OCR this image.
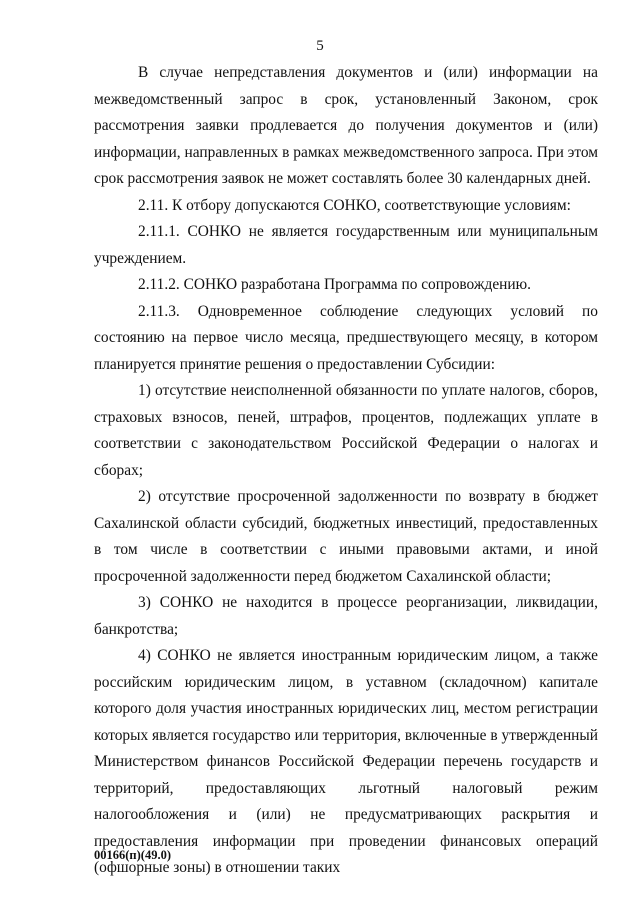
5

В случае непредставления документов и (или) информации на межведомственный запрос в срок, установленный Законом, срок рассмотрения заявки продлевается до получения документов и (или) информации, направленных в рамках межведомственного запроса. При этом срок рассмотрения заявок не может составлять более 30 календарных дней.

2.11. К отбору допускаются СОНКО, соответствующие условиям:

2.11.1. СОНКО не является государственным или муниципальным учреждением.

2.11.2. СОНКО разработана Программа по сопровождению.

2.11.3. Одновременное соблюдение следующих условий по состоянию на первое число месяца, предшествующего месяцу, в котором планируется принятие решения о предоставлении Субсидии:

1) отсутствие неисполненной обязанности по уплате налогов, сборов, страховых взносов, пеней, штрафов, процентов, подлежащих уплате в соответствии с законодательством Российской Федерации о налогах и сборах;

2) отсутствие просроченной задолженности по возврату в бюджет Сахалинской области субсидий, бюджетных инвестиций, предоставленных в том числе в соответствии с иными правовыми актами, и иной просроченной задолженности перед бюджетом Сахалинской области;

3) СОНКО не находится в процессе реорганизации, ликвидации, банкротства;

4) СОНКО не является иностранным юридическим лицом, а также российским юридическим лицом, в уставном (складочном) капитале которого доля участия иностранных юридических лиц, местом регистрации которых является государство или территория, включенные в утвержденный Министерством финансов Российской Федерации перечень государств и территорий, предоставляющих льготный налоговый режим налогообложения и (или) не предусматривающих раскрытия и предоставления информации при проведении финансовых операций (офшорные зоны) в отношении таких

00166(п)(49.0)
